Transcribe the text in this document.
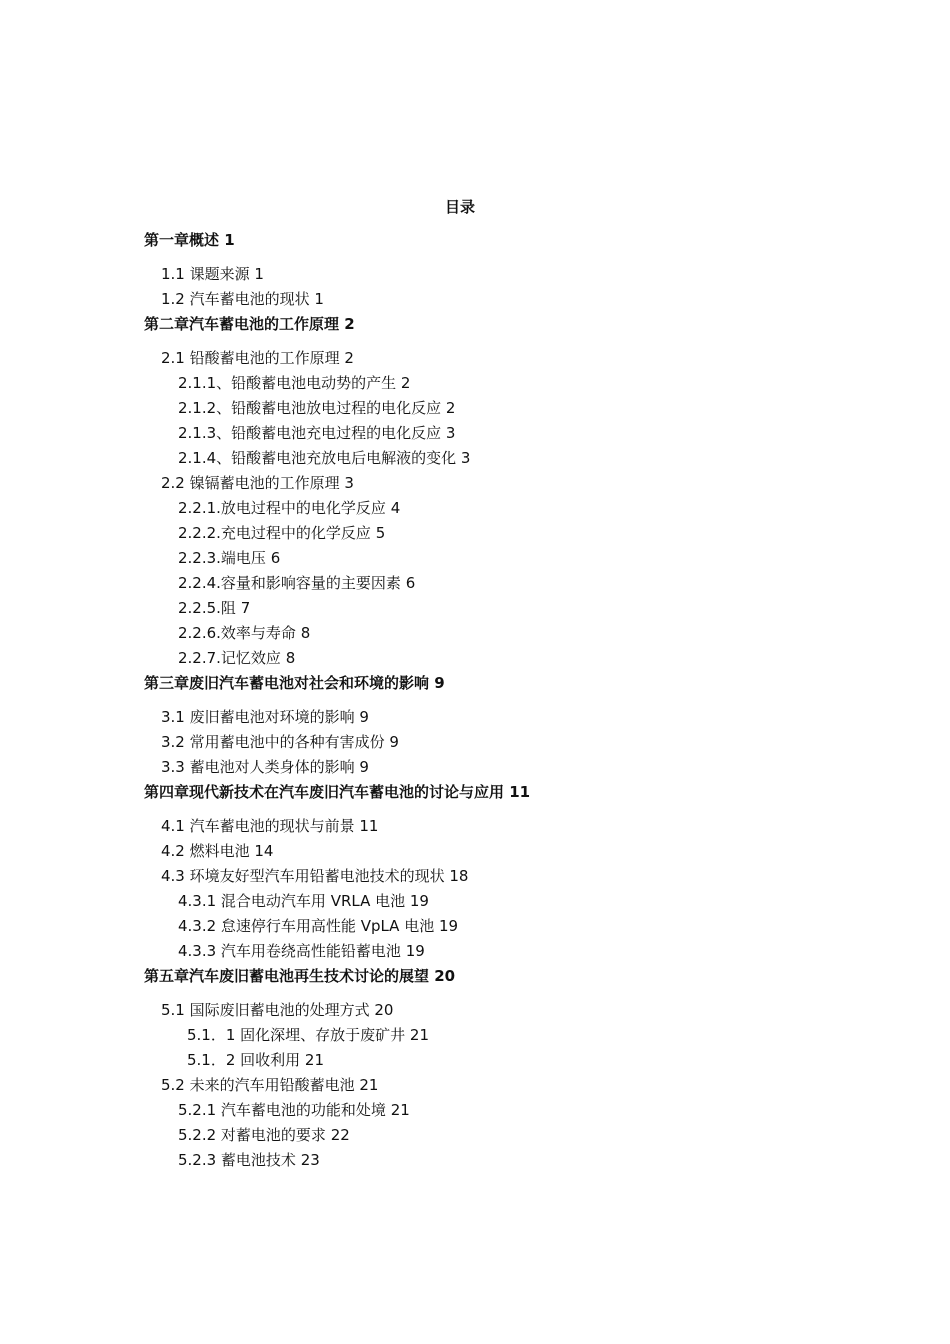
目录
第一章概述 1
1.1 课题来源 1
1.2 汽车蓄电池的现状 1
第二章汽车蓄电池的工作原理 2
2.1 铅酸蓄电池的工作原理 2
2.1.1、铅酸蓄电池电动势的产生 2
2.1.2、铅酸蓄电池放电过程的电化反应 2
2.1.3、铅酸蓄电池充电过程的电化反应 3
2.1.4、铅酸蓄电池充放电后电解液的变化 3
2.2 镍镉蓄电池的工作原理 3
2.2.1.放电过程中的电化学反应 4
2.2.2.充电过程中的化学反应 5
2.2.3.端电压 6
2.2.4.容量和影响容量的主要因素 6
2.2.5.阻 7
2.2.6.效率与寿命 8
2.2.7.记忆效应 8
第三章废旧汽车蓄电池对社会和环境的影响 9
3.1 废旧蓄电池对环境的影响 9
3.2 常用蓄电池中的各种有害成份 9
3.3 蓄电池对人类身体的影响 9
第四章现代新技术在汽车废旧汽车蓄电池的讨论与应用 11
4.1 汽车蓄电池的现状与前景 11
4.2 燃料电池 14
4.3 环境友好型汽车用铅蓄电池技术的现状 18
4.3.1 混合电动汽车用 VRLA 电池 19
4.3.2 怠速停行车用高性能 VpLA 电池 19
4.3.3 汽车用卷绕高性能铅蓄电池 19
第五章汽车废旧蓄电池再生技术讨论的展望 20
5.1 国际废旧蓄电池的处理方式 20
5.1．1 固化深埋、存放于废矿井 21
5.1．2 回收利用 21
5.2 未来的汽车用铅酸蓄电池 21
5.2.1 汽车蓄电池的功能和处境 21
5.2.2 对蓄电池的要求 22
5.2.3 蓄电池技术 23
